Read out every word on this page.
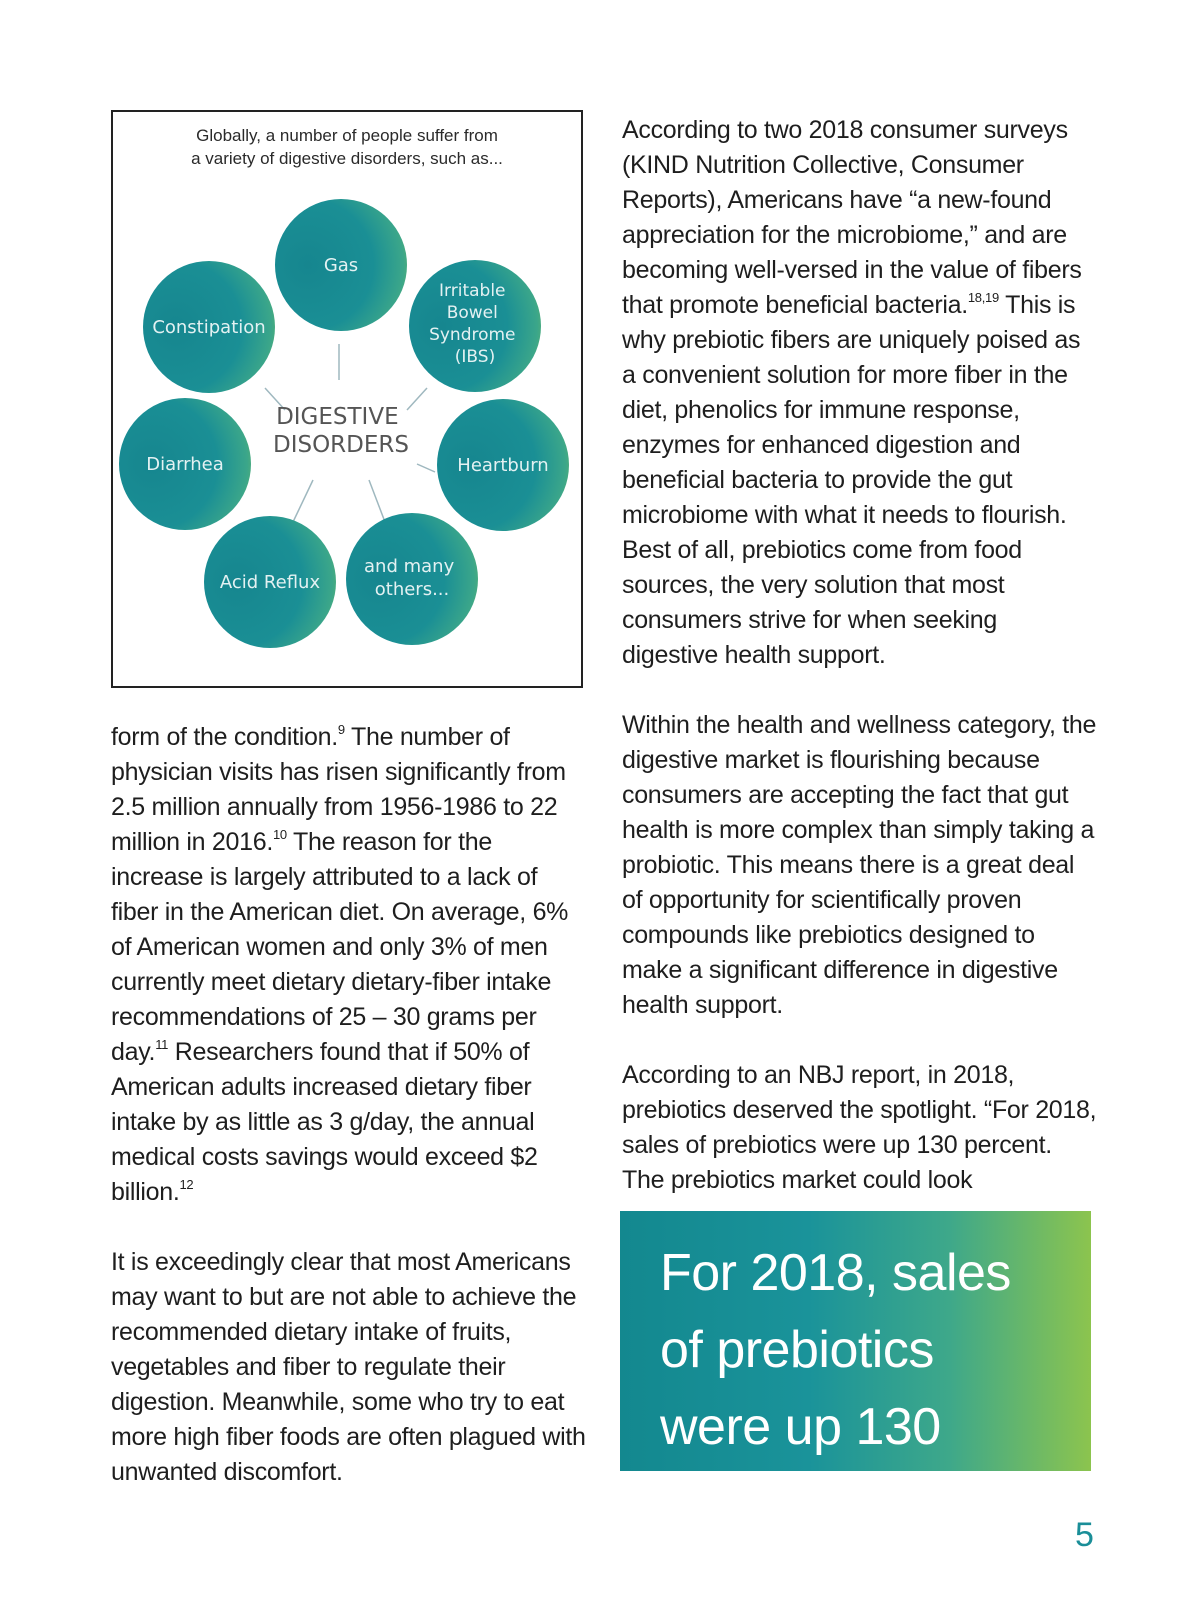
Globally, a number of people suffer from
a variety of digestive disorders, such as...
Gas
Constipation
Irritable Bowel Syndrome (IBS)
Diarrhea	Heartburn
Acid Reflux
and many others...
DIGESTIVE DISORDERS

According to two 2018 consumer surveys (KIND Nutrition Collective, Consumer Reports), Americans have “a new-found appreciation for the microbiome,” and are becoming well-versed in the value of fibers that promote beneficial bacteria.$^{18,19}$ This is why prebiotic fibers are uniquely poised as a convenient solution for more fiber in the diet, phenolics for immune response, enzymes for enhanced digestion and beneficial bacteria to provide the gut microbiome with what it needs to flourish. Best of all, prebiotics come from food sources, the very solution that most consumers strive for when seeking digestive health support.

Within the health and wellness category, the digestive market is flourishing because consumers are accepting the fact that gut health is more complex than simply taking a probiotic. This means there is a great deal of opportunity for scientifically proven compounds like prebiotics designed to make a significant difference in digestive health support.

According to an NBJ report, in 2018, prebiotics deserved the spotlight. “For 2018, sales of prebiotics were up 130 percent. The prebiotics market could look

form of the condition.$^9$ The number of physician visits has risen significantly from 2.5 million annually from 1956-1986 to 22 million in 2016.10 The reason for the increase is largely attributed to a lack of fiber in the American diet. On average, 6% of American women and only 3% of men currently meet dietary dietary-fiber intake recommendations of 25 – 30 grams per day.$^{11}$ Researchers found that if 50% of American adults increased dietary fiber intake by as little as 3 g/day, the annual medical costs savings would exceed $2 billion.$^{12}$

It is exceedingly clear that most Americans may want to but are not able to achieve the recommended dietary intake of fruits, vegetables and fiber to regulate their digestion. Meanwhile, some who try to eat more high fiber foods are often plagued with unwanted discomfort.

For 2018, sales of prebiotics were up 130 percent.$^{20}$
5
